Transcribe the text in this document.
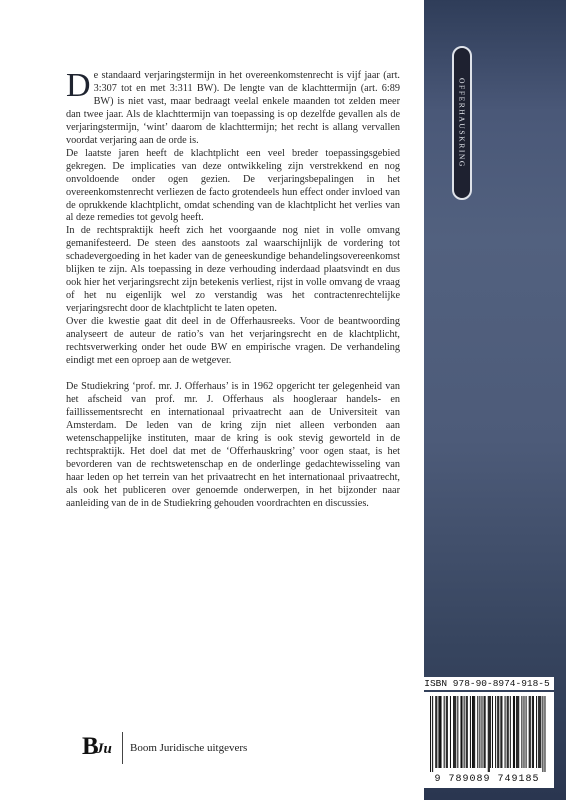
OFFERHAUSKRING

De standaard verjaringstermijn in het overeenkomstenrecht is vijf jaar (art. 3:307 tot en met 3:311 BW). De lengte van de klachttermijn (art. 6:89 BW) is niet vast, maar bedraagt veelal enkele maanden tot zelden meer dan twee jaar. Als de klachttermijn van toepassing is op dezelfde gevallen als de verjaringstermijn, ‘wint’ daarom de klachttermijn; het recht is allang vervallen voordat verjaring aan de orde is.

De laatste jaren heeft de klachtplicht een veel breder toepassingsgebied gekregen. De implicaties van deze ontwikkeling zijn verstrekkend en nog onvoldoende onder ogen gezien. De verjaringsbepalingen in het overeenkomstenrecht verliezen de facto grotendeels hun effect onder invloed van de oprukkende klachtplicht, omdat schending van de klachtplicht het verlies van al deze remedies tot gevolg heeft.

In de rechtspraktijk heeft zich het voorgaande nog niet in volle omvang gemanifesteerd. De steen des aanstoots zal waarschijnlijk de vordering tot schadevergoeding in het kader van de geneeskundige behandelingsovereenkomst blijken te zijn. Als toepassing in deze verhouding inderdaad plaatsvindt en dus ook hier het verjaringsrecht zijn betekenis verliest, rijst in volle omvang de vraag of het nu eigenlijk wel zo verstandig was het contractenrechtelijke verjaringsrecht door de klachtplicht te laten opeten.

Over die kwestie gaat dit deel in de Offerhausreeks. Voor de beantwoording analyseert de auteur de ratio’s van het verjaringsrecht en de klachtplicht, rechtsverwerking onder het oude BW en empirische vragen. De verhandeling eindigt met een oproep aan de wetgever.

De Studiekring ‘prof. mr. J. Offerhaus’ is in 1962 opgericht ter gelegenheid van het afscheid van prof. mr. J. Offerhaus als hoogleraar handels- en faillissementsrecht en internationaal privaatrecht aan de Universiteit van Amsterdam. De leden van de kring zijn niet alleen verbonden aan wetenschappelijke instituten, maar de kring is ook stevig geworteld in de rechtspraktijk. Het doel dat met de ‘Offerhauskring’ voor ogen staat, is het bevorderen van de rechtswetenschap en de onderlinge gedachtewisseling van haar leden op het terrein van het privaatrecht en het internationaal privaatrecht, als ook het publiceren over genoemde onderwerpen, in het bijzonder naar aanleiding van de in de Studiekring gehouden voordrachten en discussies.

ISBN 978-90-8974-918-5
9 789089 749185
B
Ju Boom Juridische uitgevers
